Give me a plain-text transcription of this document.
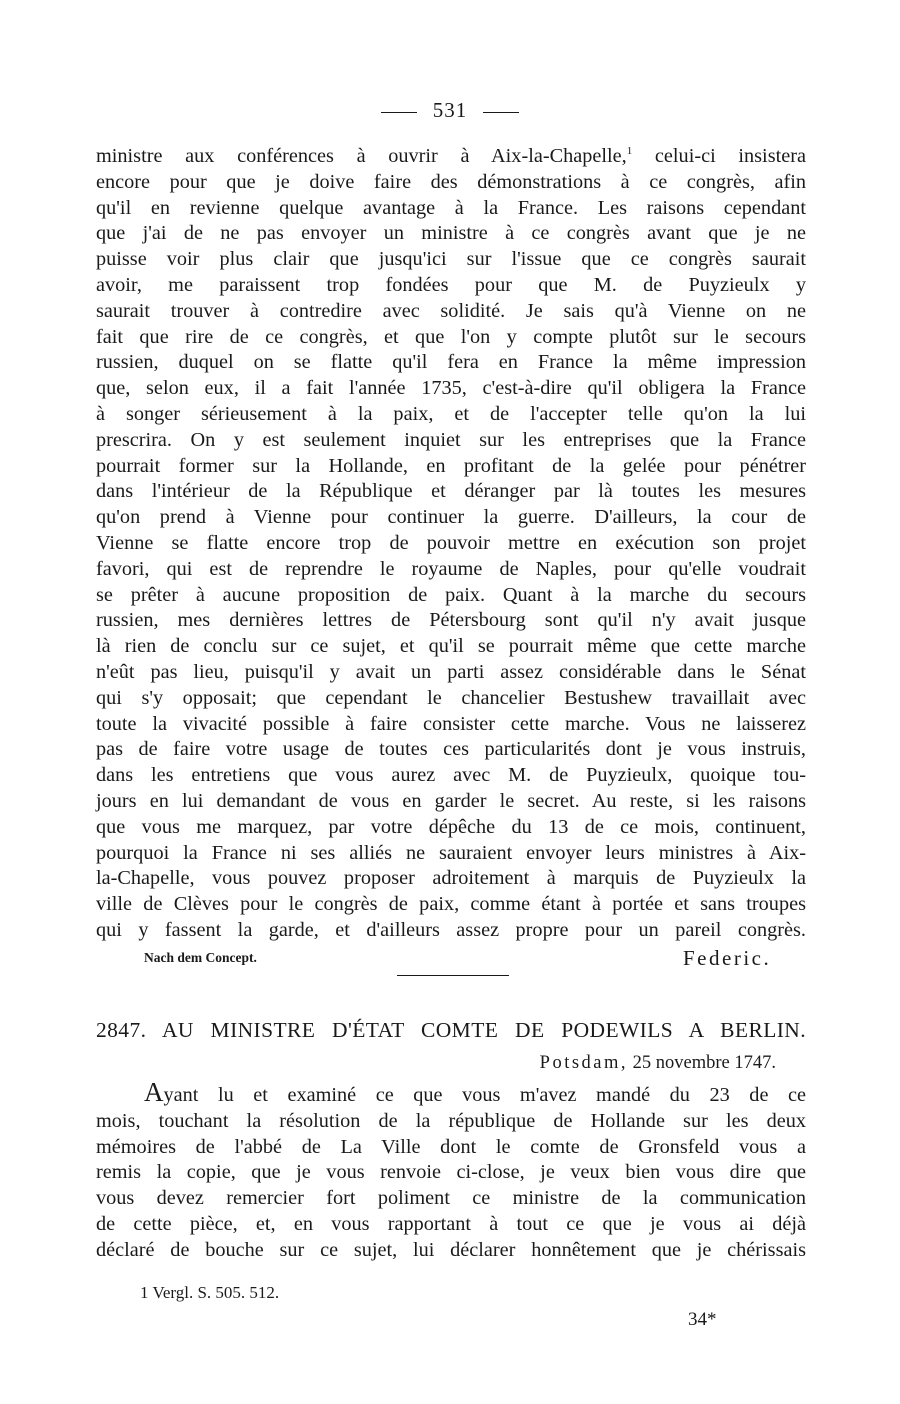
531
ministre aux conférences à ouvrir à Aix-la-Chapelle,$^1$ celui-ci insistera
encore pour que je doive faire des démonstrations à ce congrès, afin
qu'il en revienne quelque avantage à la France. Les raisons cependant
que j'ai de ne pas envoyer un ministre à ce congrès avant que je ne
puisse voir plus clair que jusqu'ici sur l'issue que ce congrès saurait
avoir, me paraissent trop fondées pour que M. de Puyzieulx y
saurait trouver à contredire avec solidité. Je sais qu'à Vienne on ne
fait que rire de ce congrès, et que l'on y compte plutôt sur le secours
russien, duquel on se flatte qu'il fera en France la même impression
que, selon eux, il a fait l'année 1735, c'est-à-dire qu'il obligera la France
à songer sérieusement à la paix, et de l'accepter telle qu'on la lui
prescrira. On y est seulement inquiet sur les entreprises que la France
pourrait former sur la Hollande, en profitant de la gelée pour pénétrer
dans l'intérieur de la République et déranger par là toutes les mesures
qu'on prend à Vienne pour continuer la guerre. D'ailleurs, la cour de
Vienne se flatte encore trop de pouvoir mettre en exécution son projet
favori, qui est de reprendre le royaume de Naples, pour qu'elle voudrait
se prêter à aucune proposition de paix. Quant à la marche du secours
russien, mes dernières lettres de Pétersbourg sont qu'il n'y avait jusque
là rien de conclu sur ce sujet, et qu'il se pourrait même que cette marche
n'eût pas lieu, puisqu'il y avait un parti assez considérable dans le Sénat
qui s'y opposait; que cependant le chancelier Bestushew travaillait avec
toute la vivacité possible à faire consister cette marche. Vous ne laisserez
pas de faire votre usage de toutes ces particularités dont je vous instruis,
dans les entretiens que vous aurez avec M. de Puyzieulx, quoique tou-
jours en lui demandant de vous en garder le secret. Au reste, si les raisons
que vous me marquez, par votre dépêche du 13 de ce mois, continuent,
pourquoi la France ni ses alliés ne sauraient envoyer leurs ministres à Aix-
la-Chapelle, vous pouvez proposer adroitement à marquis de Puyzieulx la
ville de Clèves pour le congrès de paix, comme étant à portée et sans troupes
qui y fassent la garde, et d'ailleurs assez propre pour un pareil congrès.
Nach dem Concept.	Federic.
2847. AU MINISTRE D'ÉTAT COMTE DE PODEWILS A BERLIN.
Potsdam, 25 novembre 1747.
Ayant lu et examiné ce que vous m'avez mandé du 23 de ce
mois, touchant la résolution de la république de Hollande sur les deux
mémoires de l'abbé de La Ville dont le comte de Gronsfeld vous a
remis la copie, que je vous renvoie ci-close, je veux bien vous dire que
vous devez remercier fort poliment ce ministre de la communication
de cette pièce, et, en vous rapportant à tout ce que je vous ai déjà
déclaré de bouche sur ce sujet, lui déclarer honnêtement que je chérissais
1 Vergl. S. 505. 512.
34*
